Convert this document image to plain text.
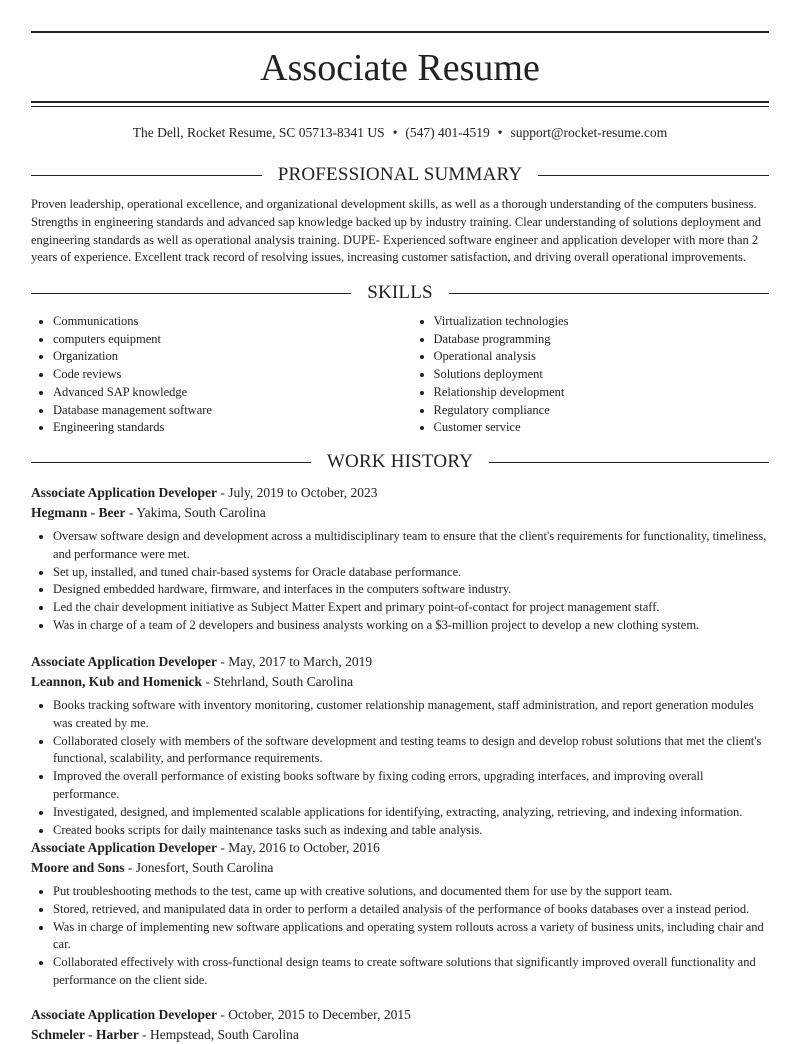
Associate Resume
The Dell, Rocket Resume, SC 05713-8341 US • (547) 401-4519 • support@rocket-resume.com
PROFESSIONAL SUMMARY
Proven leadership, operational excellence, and organizational development skills, as well as a thorough understanding of the computers business. Strengths in engineering standards and advanced sap knowledge backed up by industry training. Clear understanding of solutions deployment and engineering standards as well as operational analysis training. DUPE- Experienced software engineer and application developer with more than 2 years of experience. Excellent track record of resolving issues, increasing customer satisfaction, and driving overall operational improvements.
SKILLS
• Communications
• computers equipment
• Organization
• Code reviews
• Advanced SAP knowledge
• Database management software
• Engineering standards
• Virtualization technologies
• Database programming
• Operational analysis
• Solutions deployment
• Relationship development
• Regulatory compliance
• Customer service
WORK HISTORY
Associate Application Developer - July, 2019 to October, 2023
Hegmann - Beer - Yakima, South Carolina
• Oversaw software design and development across a multidisciplinary team to ensure that the client's requirements for functionality, timeliness, and performance were met.
• Set up, installed, and tuned chair-based systems for Oracle database performance.
• Designed embedded hardware, firmware, and interfaces in the computers software industry.
• Led the chair development initiative as Subject Matter Expert and primary point-of-contact for project management staff.
• Was in charge of a team of 2 developers and business analysts working on a $3-million project to develop a new clothing system.
Associate Application Developer - May, 2017 to March, 2019
Leannon, Kub and Homenick - Stehrland, South Carolina
• Books tracking software with inventory monitoring, customer relationship management, staff administration, and report generation modules was created by me.
• Collaborated closely with members of the software development and testing teams to design and develop robust solutions that met the client's functional, scalability, and performance requirements.
• Improved the overall performance of existing books software by fixing coding errors, upgrading interfaces, and improving overall performance.
• Investigated, designed, and implemented scalable applications for identifying, extracting, analyzing, retrieving, and indexing information.
• Created books scripts for daily maintenance tasks such as indexing and table analysis.
Associate Application Developer - May, 2016 to October, 2016
Moore and Sons - Jonesfort, South Carolina
• Put troubleshooting methods to the test, came up with creative solutions, and documented them for use by the support team.
• Stored, retrieved, and manipulated data in order to perform a detailed analysis of the performance of books databases over a instead period.
• Was in charge of implementing new software applications and operating system rollouts across a variety of business units, including chair and car.
• Collaborated effectively with cross-functional design teams to create software solutions that significantly improved overall functionality and performance on the client side.
Associate Application Developer - October, 2015 to December, 2015
Schmeler - Harber - Hempstead, South Carolina
